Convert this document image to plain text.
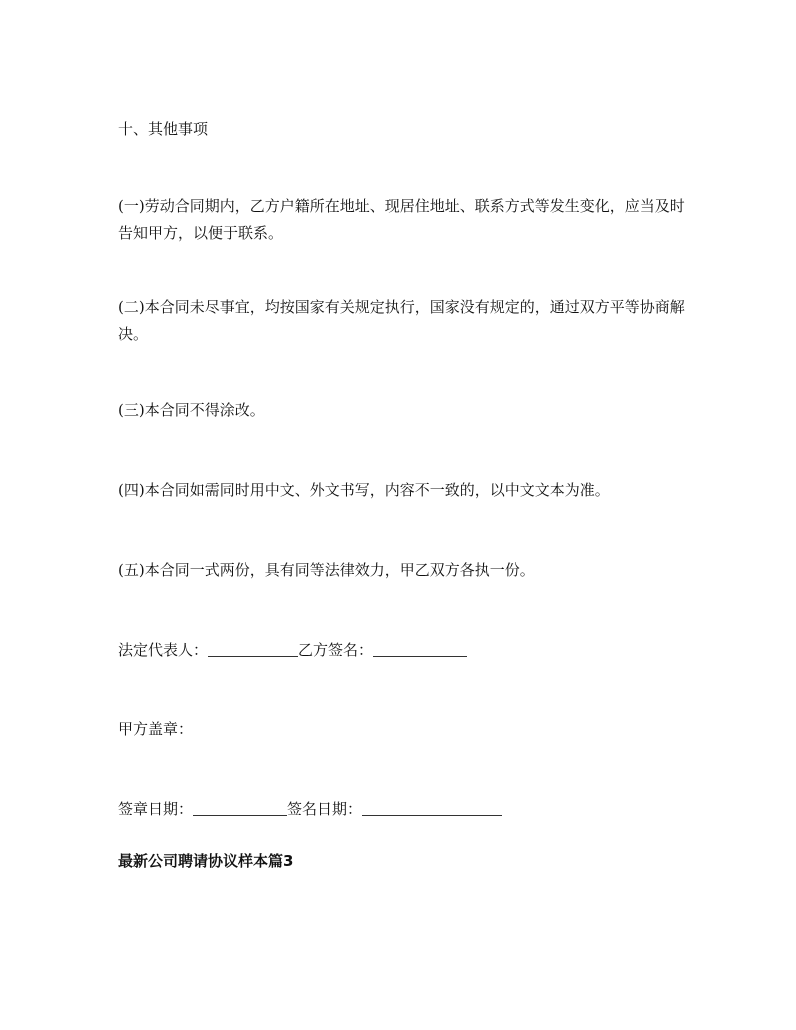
十、其他事项
(一)劳动合同期内，乙方户籍所在地址、现居住地址、联系方式等发生变化，应当及时告知甲方，以便于联系。
(二)本合同未尽事宜，均按国家有关规定执行，国家没有规定的，通过双方平等协商解决。
(三)本合同不得涂改。
(四)本合同如需同时用中文、外文书写，内容不一致的，以中文文本为准。
(五)本合同一式两份，具有同等法律效力，甲乙双方各执一份。
法定代表人：	乙方签名：
甲方盖章：
签章日期：	签名日期：
最新公司聘请协议样本篇3
